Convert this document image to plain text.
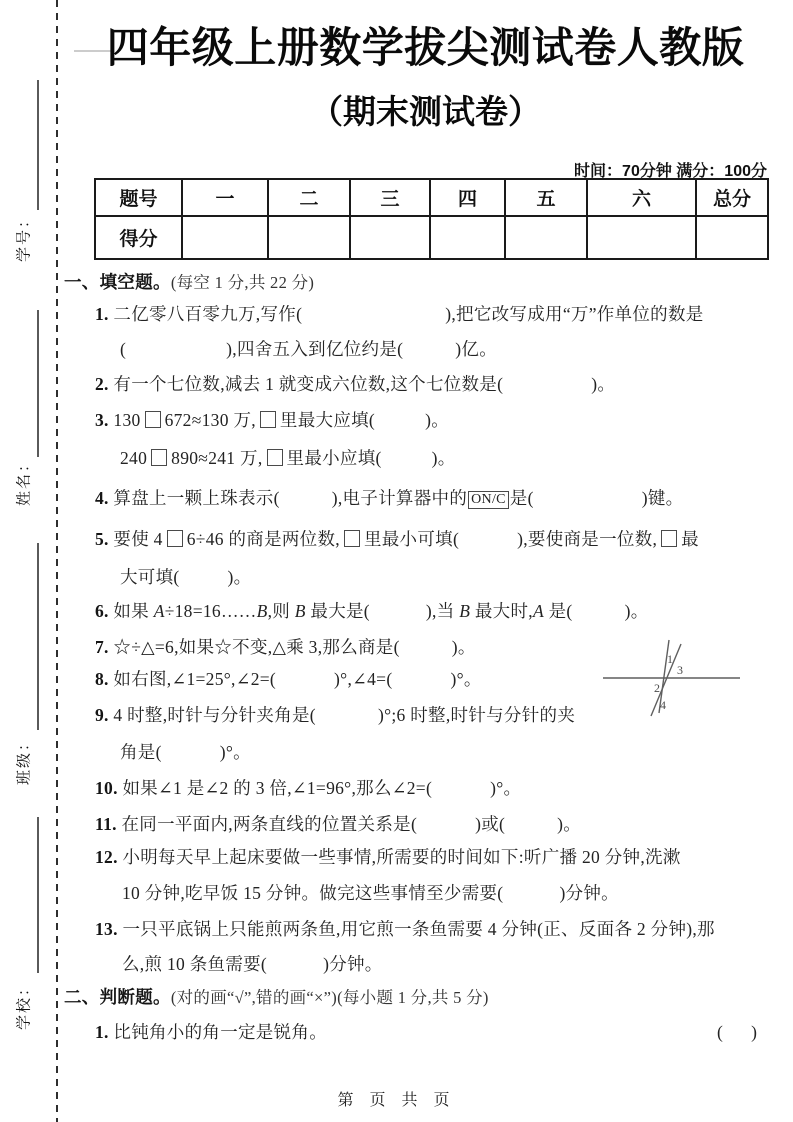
学号：
姓名：
班级：
学校：
四年级上册数学拔尖测试卷人教版
（期末测试卷）
时间：70分钟 满分：100分
题号	一	二	三	四	五	六	总分
得分							
一、填空题。(每空 1 分,共 22 分)
1. 二亿零八百零九万,写作(	),把它改写成用“万”作单位的数是
(	),四舍五入到亿位约是(	)亿。
2. 有一个七位数,减去 1 就变成六位数,这个七位数是(	)。
3. 130 672≈130 万, 里最大应填(	)。
240 890≈241 万, 里最小应填(	)。
4. 算盘上一颗上珠表示(	),电子计算器中的 ON/C 是(	)键。
5. 要使 4 6÷46 的商是两位数, 里最小可填(	),要使商是一位数, 最
大可填(	)。
6. 如果 A÷18=16……B,则 B 最大是(	),当 B 最大时,A 是(	)。
7. ☆÷△=6,如果☆不变,△乘 3,那么商是(	)。
8. 如右图,∠1=25°,∠2=(	)°,∠4=(	)°。
9. 4 时整,时针与分针夹角是(	)°;6 时整,时针与分针的夹
角是(	)°。
10. 如果∠1 是∠2 的 3 倍,∠1=96°,那么∠2=(	)°。
11. 在同一平面内,两条直线的位置关系是(	)或(	)。
12. 小明每天早上起床要做一些事情,所需要的时间如下:听广播 20 分钟,洗漱
10 分钟,吃早饭 15 分钟。做完这些事情至少需要(	)分钟。
13. 一只平底锅上只能煎两条鱼,用它煎一条鱼需要 4 分钟(正、反面各 2 分钟),那
么,煎 10 条鱼需要(	)分钟。
二、判断题。(对的画“√”,错的画“×”)(每小题 1 分,共 5 分)
1. 比钝角小的角一定是锐角。	( )
1
3
2
4
第 页 共 页
